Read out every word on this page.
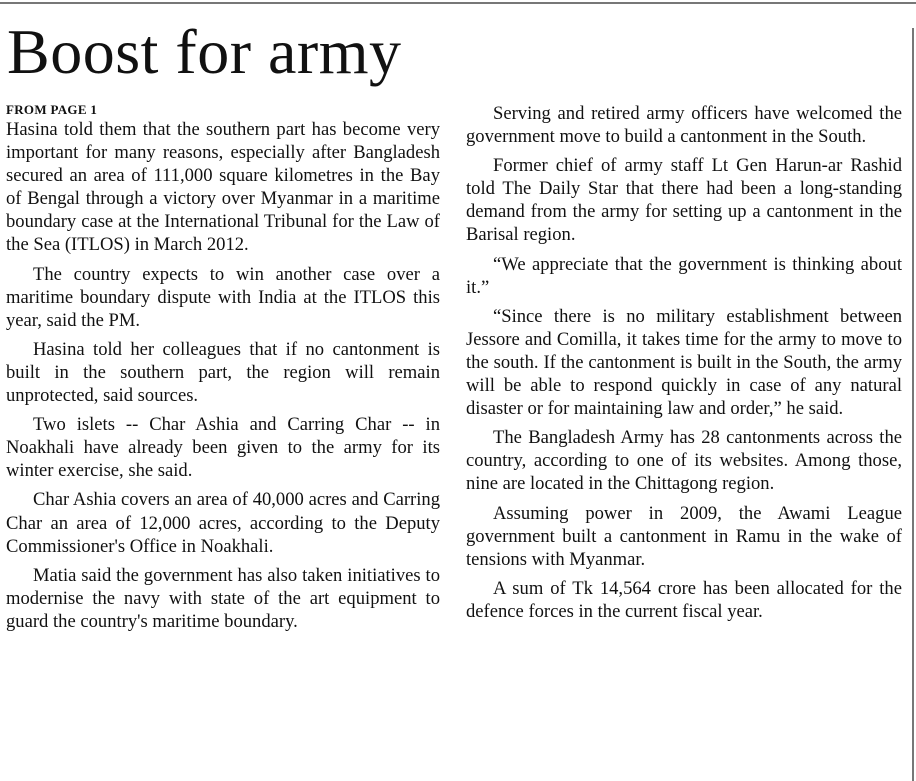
Boost for army
FROM PAGE 1

Hasina told them that the southern part has become very important for many reasons, especially after Bangladesh secured an area of 111,000 square kilometres in the Bay of Bengal through a victory over Myanmar in a maritime boundary case at the International Tribunal for the Law of the Sea (ITLOS) in March 2012.

The country expects to win another case over a maritime boundary dispute with India at the ITLOS this year, said the PM.

Hasina told her colleagues that if no cantonment is built in the southern part, the region will remain unprotected, said sources.

Two islets -- Char Ashia and Carring Char -- in Noakhali have already been given to the army for its winter exercise, she said.

Char Ashia covers an area of 40,000 acres and Carring Char an area of 12,000 acres, according to the Deputy Commissioner's Office in Noakhali.

Matia said the government has also taken initiatives to modernise the navy with state of the art equipment to guard the country's maritime boundary.

Serving and retired army officers have welcomed the government move to build a cantonment in the South.

Former chief of army staff Lt Gen Harun-ar Rashid told The Daily Star that there had been a long-standing demand from the army for setting up a cantonment in the Barisal region.

“We appreciate that the government is thinking about it.”

“Since there is no military establishment between Jessore and Comilla, it takes time for the army to move to the south. If the cantonment is built in the South, the army will be able to respond quickly in case of any natural disaster or for maintaining law and order,” he said.

The Bangladesh Army has 28 cantonments across the country, according to one of its websites. Among those, nine are located in the Chittagong region.

Assuming power in 2009, the Awami League government built a cantonment in Ramu in the wake of tensions with Myanmar.

A sum of Tk 14,564 crore has been allocated for the defence forces in the current fiscal year.
